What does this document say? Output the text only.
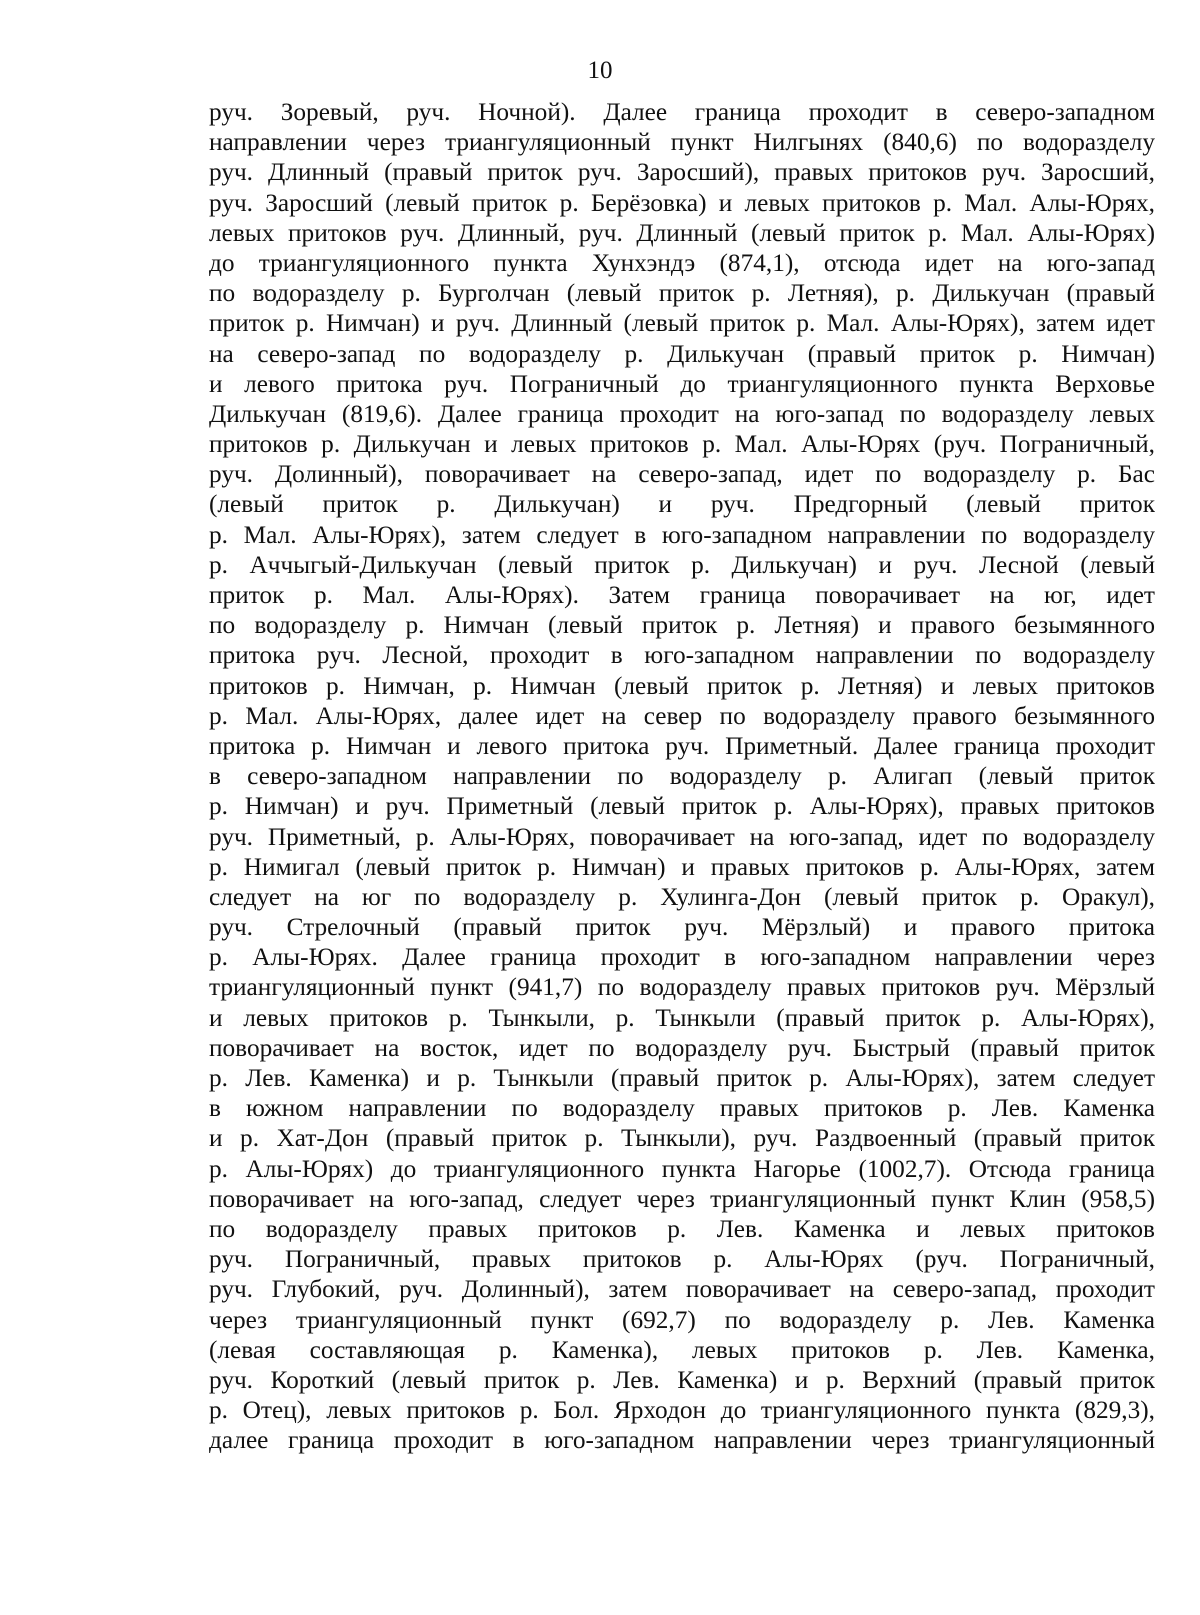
10
руч. Зоревый, руч. Ночной). Далее граница проходит в северо-западном
направлении через триангуляционный пункт Нилгынях (840,6) по водоразделу
руч. Длинный (правый приток руч. Заросший), правых притоков руч. Заросший,
руч. Заросший (левый приток р. Берёзовка) и левых притоков р. Мал. Алы-Юрях,
левых притоков руч. Длинный, руч. Длинный (левый приток р. Мал. Алы-Юрях)
до триангуляционного пункта Хунхэндэ (874,1), отсюда идет на юго-запад
по водоразделу р. Бурголчан (левый приток р. Летняя), р. Дилькучан (правый
приток р. Нимчан) и руч. Длинный (левый приток р. Мал. Алы-Юрях), затем идет
на северо-запад по водоразделу р. Дилькучан (правый приток р. Нимчан)
и левого притока руч. Пограничный до триангуляционного пункта Верховье
Дилькучан (819,6). Далее граница проходит на юго-запад по водоразделу левых
притоков р. Дилькучан и левых притоков р. Мал. Алы-Юрях (руч. Пограничный,
руч. Долинный), поворачивает на северо-запад, идет по водоразделу р. Бас
(левый приток р. Дилькучан) и руч. Предгорный (левый приток
р. Мал. Алы-Юрях), затем следует в юго-западном направлении по водоразделу
р. Аччыгый-Дилькучан (левый приток р. Дилькучан) и руч. Лесной (левый
приток р. Мал. Алы-Юрях). Затем граница поворачивает на юг, идет
по водоразделу р. Нимчан (левый приток р. Летняя) и правого безымянного
притока руч. Лесной, проходит в юго-западном направлении по водоразделу
притоков р. Нимчан, р. Нимчан (левый приток р. Летняя) и левых притоков
р. Мал. Алы-Юрях, далее идет на север по водоразделу правого безымянного
притока р. Нимчан и левого притока руч. Приметный. Далее граница проходит
в северо-западном направлении по водоразделу р. Алигап (левый приток
р. Нимчан) и руч. Приметный (левый приток р. Алы-Юрях), правых притоков
руч. Приметный, р. Алы-Юрях, поворачивает на юго-запад, идет по водоразделу
р. Нимигал (левый приток р. Нимчан) и правых притоков р. Алы-Юрях, затем
следует на юг по водоразделу р. Хулинга-Дон (левый приток р. Оракул),
руч. Стрелочный (правый приток руч. Мёрзлый) и правого притока
р. Алы-Юрях. Далее граница проходит в юго-западном направлении через
триангуляционный пункт (941,7) по водоразделу правых притоков руч. Мёрзлый
и левых притоков р. Тынкыли, р. Тынкыли (правый приток р. Алы-Юрях),
поворачивает на восток, идет по водоразделу руч. Быстрый (правый приток
р. Лев. Каменка) и р. Тынкыли (правый приток р. Алы-Юрях), затем следует
в южном направлении по водоразделу правых притоков р. Лев. Каменка
и р. Хат-Дон (правый приток р. Тынкыли), руч. Раздвоенный (правый приток
р. Алы-Юрях) до триангуляционного пункта Нагорье (1002,7). Отсюда граница
поворачивает на юго-запад, следует через триангуляционный пункт Клин (958,5)
по водоразделу правых притоков р. Лев. Каменка и левых притоков
руч. Пограничный, правых притоков р. Алы-Юрях (руч. Пограничный,
руч. Глубокий, руч. Долинный), затем поворачивает на северо-запад, проходит
через триангуляционный пункт (692,7) по водоразделу р. Лев. Каменка
(левая составляющая р. Каменка), левых притоков р. Лев. Каменка,
руч. Короткий (левый приток р. Лев. Каменка) и р. Верхний (правый приток
р. Отец), левых притоков р. Бол. Ярходон до триангуляционного пункта (829,3),
далее граница проходит в юго-западном направлении через триангуляционный
